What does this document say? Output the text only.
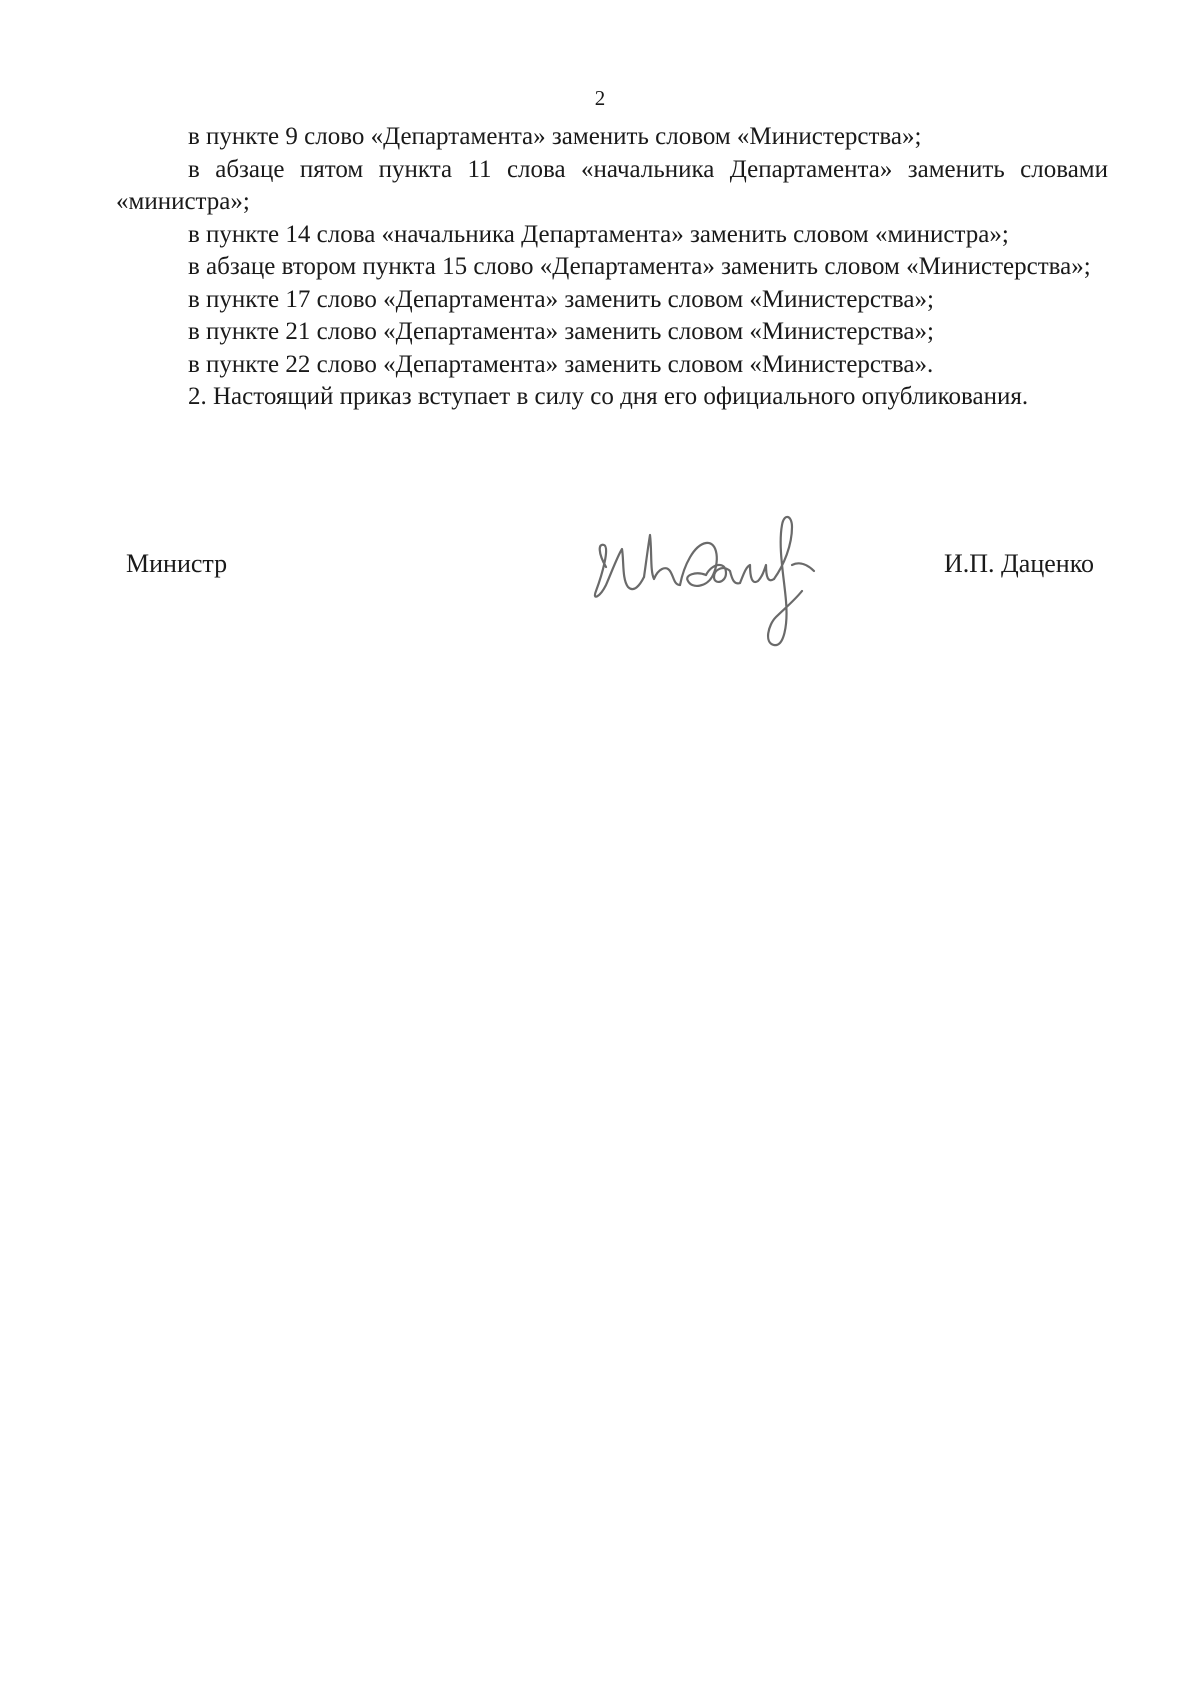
2

в пункте 9 слово «Департамента» заменить словом «Министерства»;

в абзаце пятом пункта 11 слова «начальника Департамента» заменить словами «министра»;

в пункте 14 слова «начальника Департамента» заменить словом «министра»;

в абзаце втором пункта 15 слово «Департамента» заменить словом «Министерства»;

в пункте 17 слово «Департамента» заменить словом «Министерства»;

в пункте 21 слово «Департамента» заменить словом «Министерства»;

в пункте 22 слово «Департамента» заменить словом «Министерства».

2. Настоящий приказ вступает в силу со дня его официального опубликования.

Министр	И.П. Даценко
